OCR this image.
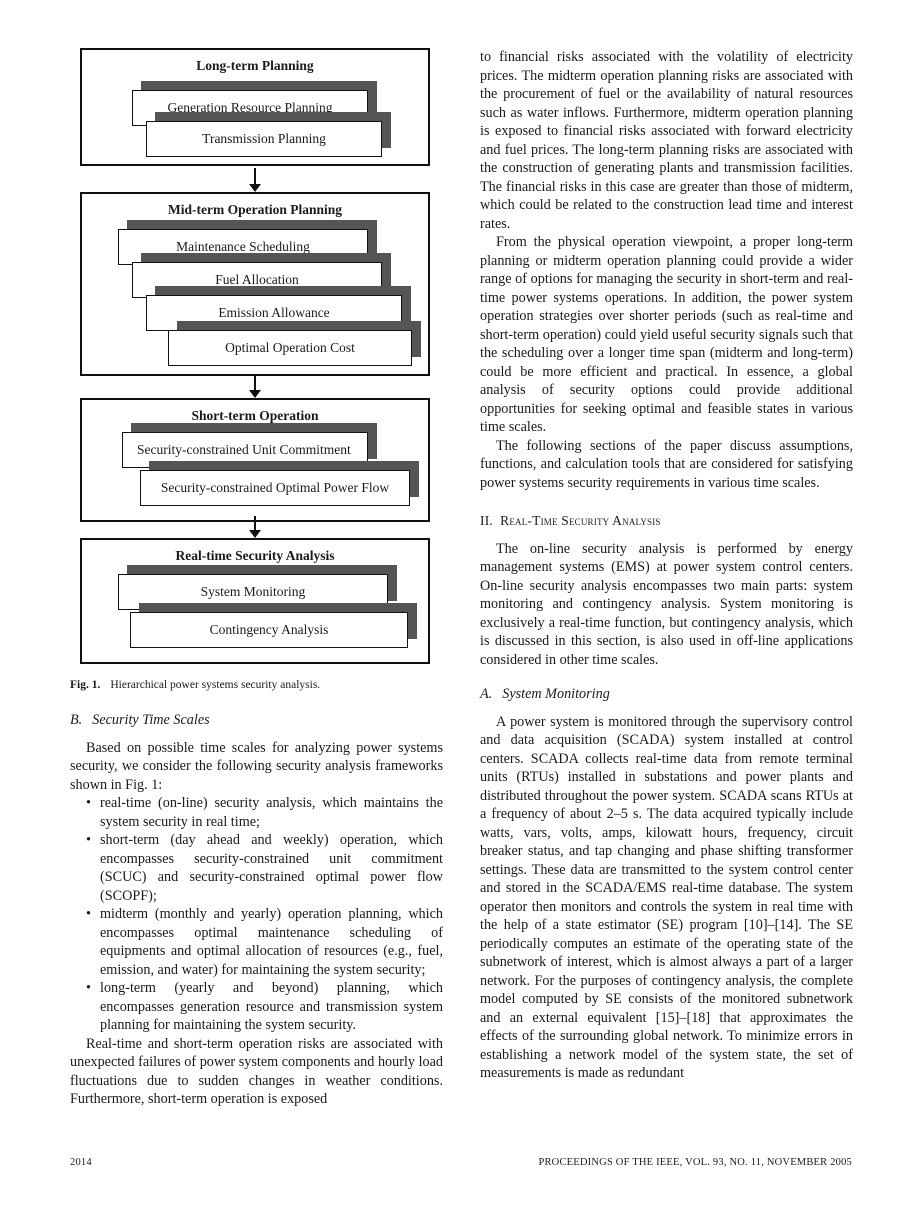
Long-term Planning
Generation Resource Planning
Transmission Planning
Mid-term Operation Planning
Maintenance Scheduling
Fuel Allocation
Emission Allowance
Optimal Operation Cost
Short-term Operation
Security-constrained Unit Commitment
Security-constrained Optimal Power Flow
Real-time Security Analysis
System Monitoring
Contingency Analysis
Fig. 1. Hierarchical power systems security analysis.

B. Security Time Scales

Based on possible time scales for analyzing power systems security, we consider the following security analysis frameworks shown in Fig. 1:

• real-time (on-line) security analysis, which maintains the system security in real time;
• short-term (day ahead and weekly) operation, which encompasses security-constrained unit commitment (SCUC) and security-constrained optimal power flow (SCOPF);
• midterm (monthly and yearly) operation planning, which encompasses optimal maintenance scheduling of equipments and optimal allocation of resources (e.g., fuel, emission, and water) for maintaining the system security;
• long-term (yearly and beyond) planning, which encompasses generation resource and transmission system planning for maintaining the system security.

Real-time and short-term operation risks are associated with unexpected failures of power system components and hourly load fluctuations due to sudden changes in weather conditions. Furthermore, short-term operation is exposed

to financial risks associated with the volatility of electricity prices. The midterm operation planning risks are associated with the procurement of fuel or the availability of natural resources such as water inflows. Furthermore, midterm operation planning is exposed to financial risks associated with forward electricity and fuel prices. The long-term planning risks are associated with the construction of generating plants and transmission facilities. The financial risks in this case are greater than those of midterm, which could be related to the construction lead time and interest rates.

From the physical operation viewpoint, a proper long-term planning or midterm operation planning could provide a wider range of options for managing the security in short-term and real-time power systems operations. In addition, the power system operation strategies over shorter periods (such as real-time and short-term operation) could yield useful security signals such that the scheduling over a longer time span (midterm and long-term) could be more efficient and practical. In essence, a global analysis of security options could provide additional opportunities for seeking optimal and feasible states in various time scales.

The following sections of the paper discuss assumptions, functions, and calculation tools that are considered for satisfying power systems security requirements in various time scales.

II. Real-Time Security Analysis

The on-line security analysis is performed by energy management systems (EMS) at power system control centers. On-line security analysis encompasses two main parts: system monitoring and contingency analysis. System monitoring is exclusively a real-time function, but contingency analysis, which is discussed in this section, is also used in off-line applications considered in other time scales.

A. System Monitoring

A power system is monitored through the supervisory control and data acquisition (SCADA) system installed at control centers. SCADA collects real-time data from remote terminal units (RTUs) installed in substations and power plants and distributed throughout the power system. SCADA scans RTUs at a frequency of about 2–5 s. The data acquired typically include watts, vars, volts, amps, kilowatt hours, frequency, circuit breaker status, and tap changing and phase shifting transformer settings. These data are transmitted to the system control center and stored in the SCADA/EMS real-time database. The system operator then monitors and controls the system in real time with the help of a state estimator (SE) program [10]–[14]. The SE periodically computes an estimate of the operating state of the subnetwork of interest, which is almost always a part of a larger network. For the purposes of contingency analysis, the complete model computed by SE consists of the monitored subnetwork and an external equivalent [15]–[18] that approximates the effects of the surrounding global network. To minimize errors in establishing a network model of the system state, the set of measurements is made as redundant

2014	PROCEEDINGS OF THE IEEE, VOL. 93, NO. 11, NOVEMBER 2005
